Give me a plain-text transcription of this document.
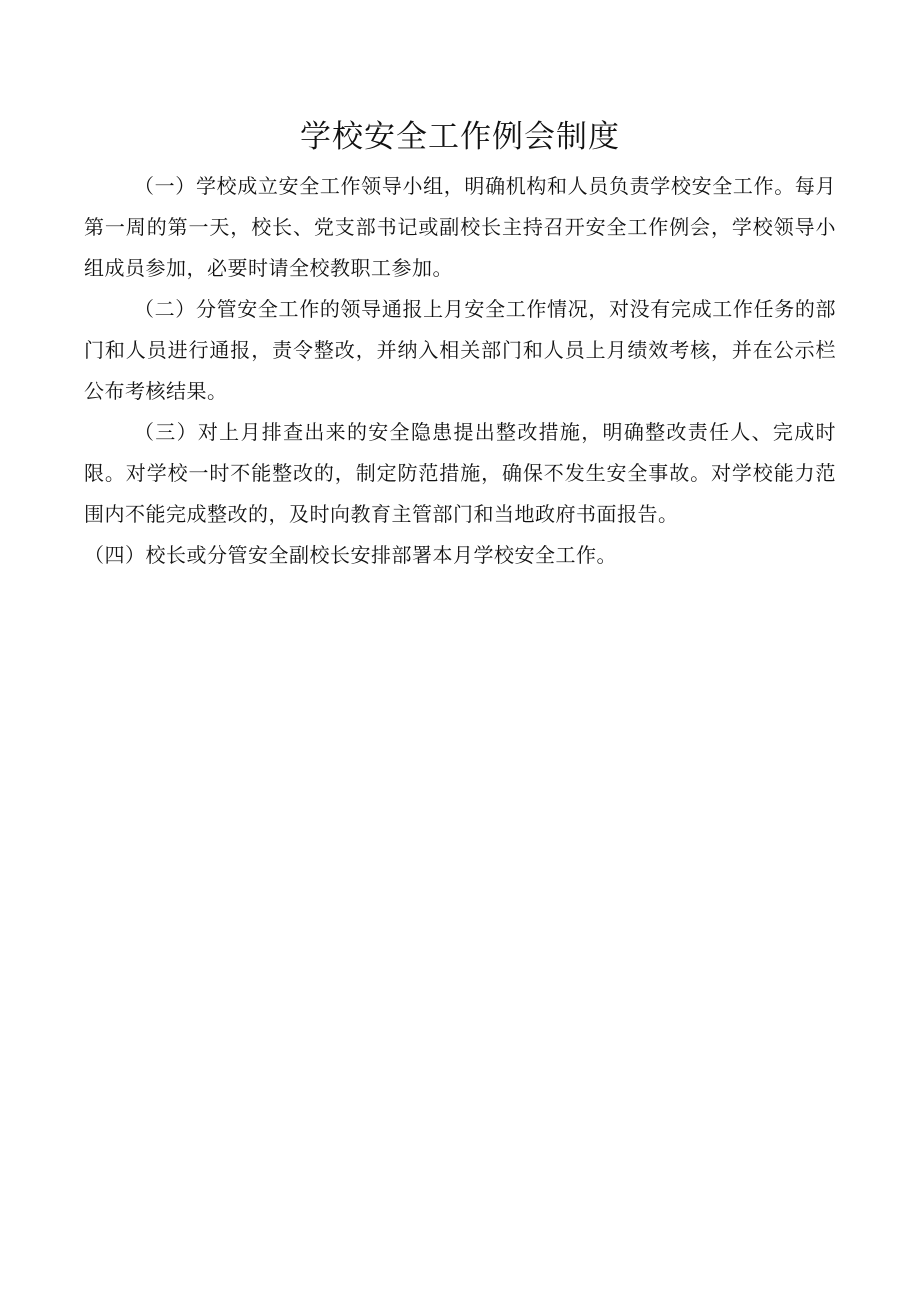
学校安全工作例会制度

（一）学校成立安全工作领导小组，明确机构和人员负责学校安全工作。每月第一周的第一天，校长、党支部书记或副校长主持召开安全工作例会，学校领导小组成员参加，必要时请全校教职工参加。

（二）分管安全工作的领导通报上月安全工作情况，对没有完成工作任务的部门和人员进行通报，责令整改，并纳入相关部门和人员上月绩效考核，并在公示栏公布考核结果。

（三）对上月排查出来的安全隐患提出整改措施，明确整改责任人、完成时限。对学校一时不能整改的，制定防范措施，确保不发生安全事故。对学校能力范围内不能完成整改的，及时向教育主管部门和当地政府书面报告。

（四）校长或分管安全副校长安排部署本月学校安全工作。
